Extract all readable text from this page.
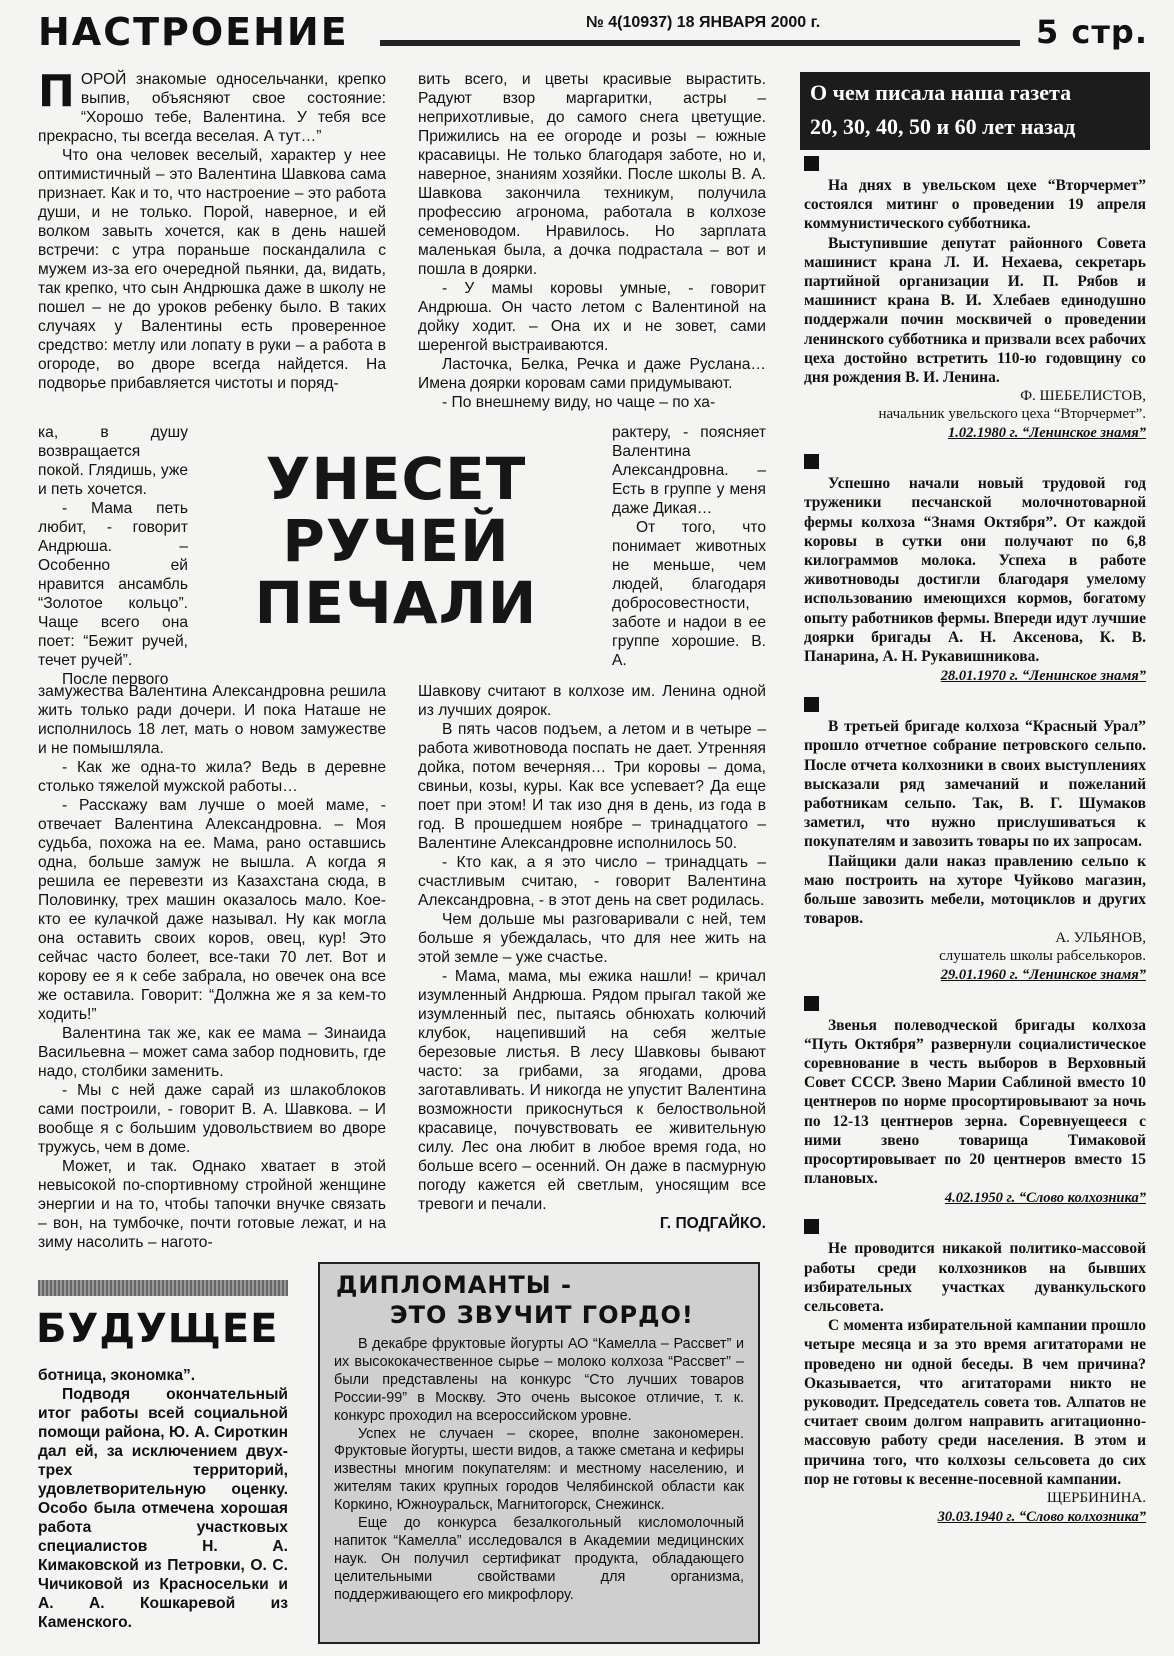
НАСТРОЕНИЕ	№ 4(10937) 18 ЯНВАРЯ 2000 г.	5 стр.
П ОРОЙ знакомые односельчанки, крепко выпив, объясняют свое состояние: “Хорошо тебе, Валентина. У тебя все прекрасно, ты всегда веселая. А тут…”

Что она человек веселый, характер у нее оптимистичный – это Валентина Шавкова сама признает. Как и то, что настроение – это работа души, и не только. Порой, наверное, и ей волком завыть хочется, как в день нашей встречи: с утра пораньше поскандалила с мужем из-за его очередной пьянки, да, видать, так крепко, что сын Андрюшка даже в школу не пошел – не до уроков ребенку было. В таких случаях у Валентины есть проверенное средство: метлу или лопату в руки – а работа в огороде, во дворе всегда найдется. На подворье прибавляется чистоты и поряд-

ка, в душу возвращается покой. Глядишь, уже и петь хочется.

- Мама петь любит, - говорит Андрюша. – Особенно ей нравится ансамбль “Золотое кольцо”. Чаще всего она поет: “Бежит ручей, течет ручей”.

После первого

замужества Валентина Александровна решила жить только ради дочери. И пока Наташе не исполнилось 18 лет, мать о новом замужестве и не помышляла.

- Как же одна-то жила? Ведь в деревне столько тяжелой мужской работы…

- Расскажу вам лучше о моей маме, - отвечает Валентина Александровна. – Моя судьба, похожа на ее. Мама, рано оставшись одна, больше замуж не вышла. А когда я решила ее перевезти из Казахстана сюда, в Половинку, трех машин оказалось мало. Кое-кто ее кулачкой даже называл. Ну как могла она оставить своих коров, овец, кур! Это сейчас часто болеет, все-таки 70 лет. Вот и корову ее я к себе забрала, но овечек она все же оставила. Говорит: “Должна же я за кем-то ходить!”

Валентина так же, как ее мама – Зинаида Васильевна – может сама забор подновить, где надо, столбики заменить.

- Мы с ней даже сарай из шлакоблоков сами построили, - говорит В. А. Шавкова. – И вообще я с большим удовольствием во дворе тружусь, чем в доме.

Может, и так. Однако хватает в этой невысокой по-спортивному стройной женщине энергии и на то, чтобы тапочки внучке связать – вон, на тумбочке, почти готовые лежат, и на зиму насолить – нагото-

УНЕСЕТ
РУЧЕЙ
ПЕЧАЛИ

вить всего, и цветы красивые вырастить. Радуют взор маргаритки, астры – неприхотливые, до самого снега цветущие. Прижились на ее огороде и розы – южные красавицы. Не только благодаря заботе, но и, наверное, знаниям хозяйки. После школы В. А. Шавкова закончила техникум, получила профессию агронома, работала в колхозе семеноводом. Нравилось. Но зарплата маленькая была, а дочка подрастала – вот и пошла в доярки.

- У мамы коровы умные, - говорит Андрюша. Он часто летом с Валентиной на дойку ходит. – Она их и не зовет, сами шеренгой выстраиваются.

Ласточка, Белка, Речка и даже Руслана… Имена доярки коровам сами придумывают.

- По внешнему виду, но чаще – по ха-

рактеру, - поясняет Валентина Александровна. – Есть в группе у меня даже Дикая…

От того, что понимает животных не меньше, чем людей, благодаря добросовестности, заботе и надои в ее группе хорошие. В. А.

Шавкову считают в колхозе им. Ленина одной из лучших доярок.

В пять часов подъем, а летом и в четыре – работа животновода поспать не дает. Утренняя дойка, потом вечерняя… Три коровы – дома, свиньи, козы, куры. Как все успевает? Да еще поет при этом! И так изо дня в день, из года в год. В прошедшем ноябре – тринадцатого – Валентине Александровне исполнилось 50.

- Кто как, а я это число – тринадцать – счастливым считаю, - говорит Валентина Александровна, - в этот день на свет родилась.

Чем дольше мы разговаривали с ней, тем больше я убеждалась, что для нее жить на этой земле – уже счастье.

- Мама, мама, мы ежика нашли! – кричал изумленный Андрюша. Рядом прыгал такой же изумленный пес, пытаясь обнюхать колючий клубок, нацепивший на себя желтые березовые листья. В лесу Шавковы бывают часто: за грибами, за ягодами, дрова заготавливать. И никогда не упустит Валентина возможности прикоснуться к белоствольной красавице, почувствовать ее живительную силу. Лес она любит в любое время года, но больше всего – осенний. Он даже в пасмурную погоду кажется ей светлым, уносящим все тревоги и печали.

Г. ПОДГАЙКО.

О чем писала наша газета
20, 30, 40, 50 и 60 лет назад

На днях в увельском цехе “Вторчермет” состоялся митинг о проведении 19 апреля коммунистического субботника.

Выступившие депутат районного Совета машинист крана Л. И. Нехаева, секретарь партийной организации И. П. Рябов и машинист крана В. И. Хлебаев единодушно поддержали почин москвичей о проведении ленинского субботника и призвали всех рабочих цеха достойно встретить 110-ю годовщину со дня рождения В. И. Ленина.

Ф. ШЕБЕЛИСТОВ,
начальник увельского цеха “Вторчермет”.
1.02.1980 г. “Ленинское знамя”

Успешно начали новый трудовой год труженики песчанской молочнотоварной фермы колхоза “Знамя Октября”. От каждой коровы в сутки они получают по 6,8 килограммов молока. Успеха в работе животноводы достигли благодаря умелому использованию имеющихся кормов, богатому опыту работников фермы. Впереди идут лучшие доярки бригады А. Н. Аксенова, К. В. Панарина, А. Н. Рукавишникова.

28.01.1970 г. “Ленинское знамя”

В третьей бригаде колхоза “Красный Урал” прошло отчетное собрание петровского сельпо. После отчета колхозники в своих выступлениях высказали ряд замечаний и пожеланий работникам сельпо. Так, В. Г. Шумаков заметил, что нужно прислушиваться к покупателям и завозить товары по их запросам.

Пайщики дали наказ правлению сельпо к маю построить на хуторе Чуйково магазин, больше завозить мебели, мотоциклов и других товаров.

А. УЛЬЯНОВ,
слушатель школы рабселькоров.
29.01.1960 г. “Ленинское знамя”

Звенья полеводческой бригады колхоза “Путь Октября” развернули социалистическое соревнование в честь выборов в Верховный Совет СССР. Звено Марии Саблиной вместо 10 центнеров по норме просортировывают за ночь по 12-13 центнеров зерна. Соревнуещееся с ними звено товарища Тимаковой просортировывает по 20 центнеров вместо 15 плановых.

4.02.1950 г. “Слово колхозника”

Не проводится никакой политико-массовой работы среди колхозников на бывших избирательных участках дуванкульского сельсовета.

С момента избирательной кампании прошло четыре месяца и за это время агитаторами не проведено ни одной беседы. В чем причина? Оказывается, что агитаторами никто не руководит. Председатель совета тов. Алпатов не считает своим долгом направить агитационно-массовую работу среди населения. В этом и причина того, что колхозы сельсовета до сих пор не готовы к весенне-посевной кампании.

ЩЕРБИНИНА.
30.03.1940 г. “Слово колхозника”
БУДУЩЕЕ

ботница, экономка”.

Подводя окончательный итог работы всей социальной помощи района, Ю. А. Сироткин дал ей, за исключением двух-трех территорий, удовлетворительную оценку. Особо была отмечена хорошая работа участковых специалистов Н. А. Кимаковской из Петровки, О. С. Чичиковой из Красносельки и А. А. Кошкаревой из Каменского.

ДИПЛОМАНТЫ -
ЭТО ЗВУЧИТ ГОРДО!

В декабре фруктовые йогурты АО “Камелла – Рассвет” и их высококачественное сырье – молоко колхоза “Рассвет” – были представлены на конкурс “Сто лучших товаров России-99” в Москву. Это очень высокое отличие, т. к. конкурс проходил на всероссийском уровне.

Успех не случаен – скорее, вполне закономерен. Фруктовые йогурты, шести видов, а также сметана и кефиры известны многим покупателям: и местному населению, и жителям таких крупных городов Челябинской области как Коркино, Южноуральск, Магнитогорск, Снежинск.

Еще до конкурса безалкогольный кисломолочный напиток “Камелла” исследовался в Академии медицинских наук. Он получил сертификат продукта, обладающего целительными свойствами для организма, поддерживающего его микрофлору.
